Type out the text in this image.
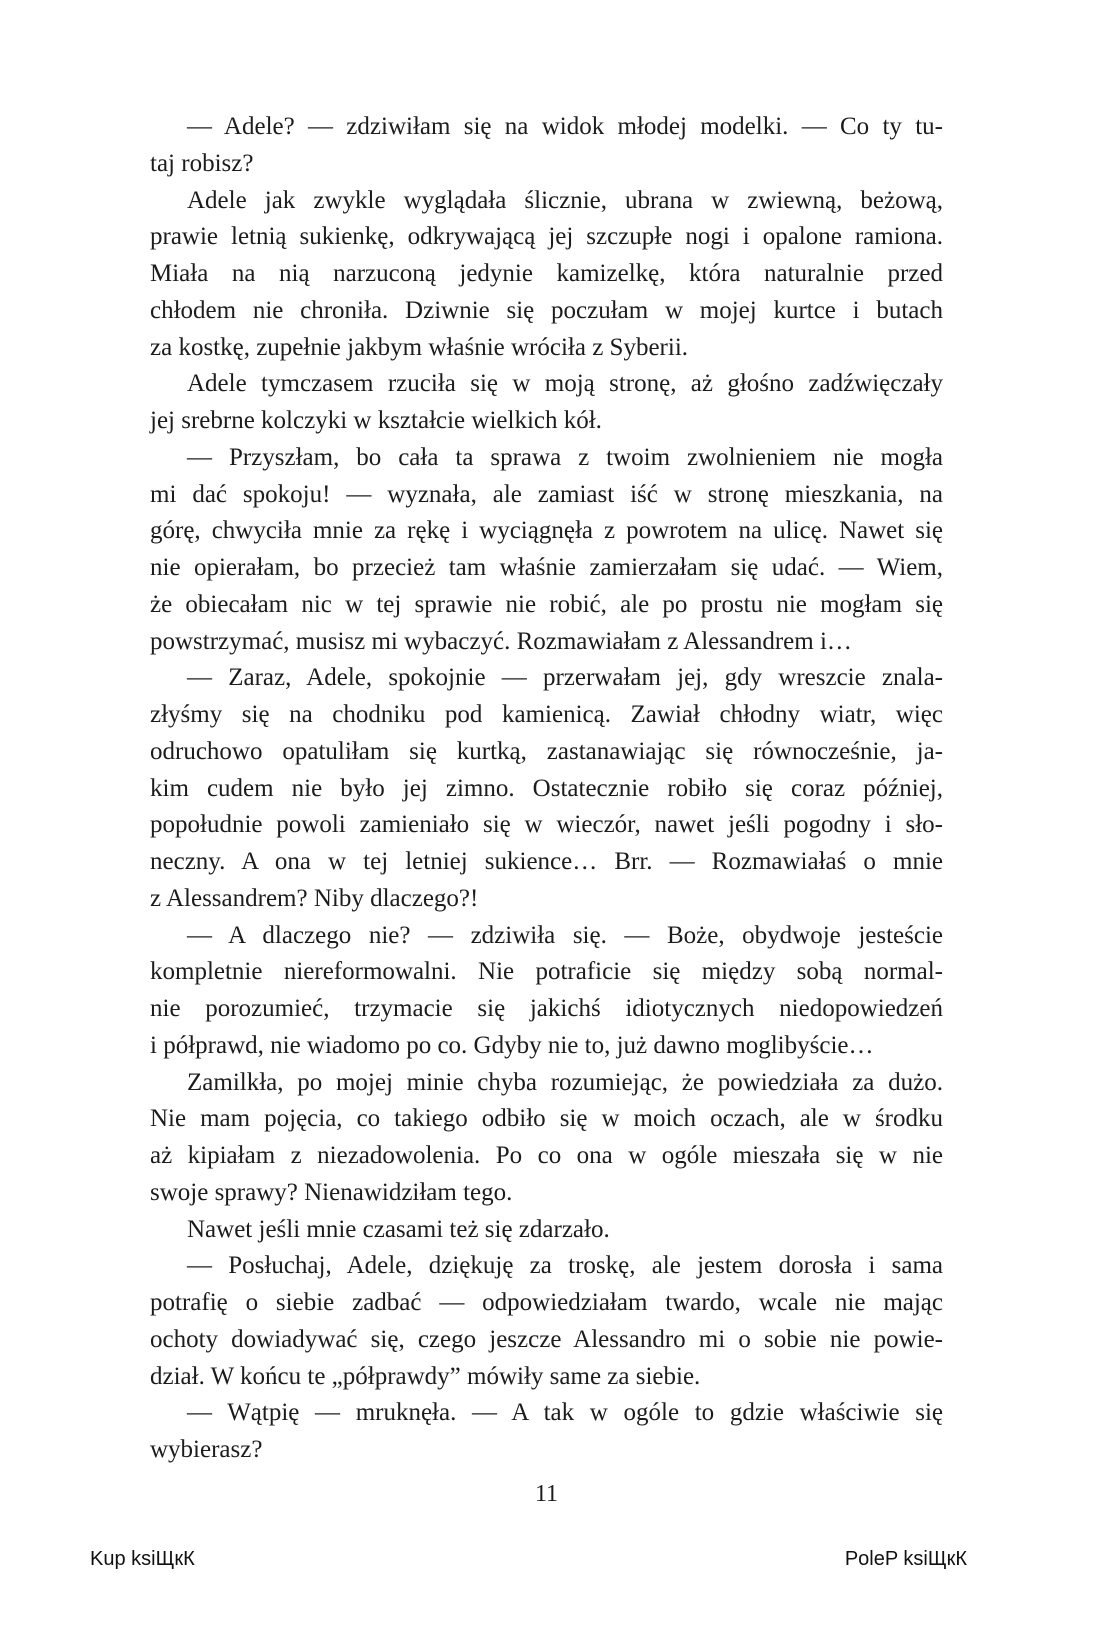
— Adele? — zdziwiłam się na widok młodej modelki. — Co ty tu-
taj robisz?
Adele jak zwykle wyglądała ślicznie, ubrana w zwiewną, beżową,
prawie letnią sukienkę, odkrywającą jej szczupłe nogi i opalone ramiona.
Miała na nią narzuconą jedynie kamizelkę, która naturalnie przed
chłodem nie chroniła. Dziwnie się poczułam w mojej kurtce i butach
za kostkę, zupełnie jakbym właśnie wróciła z Syberii.
Adele tymczasem rzuciła się w moją stronę, aż głośno zadźwięczały
jej srebrne kolczyki w kształcie wielkich kół.
— Przyszłam, bo cała ta sprawa z twoim zwolnieniem nie mogła
mi dać spokoju! — wyznała, ale zamiast iść w stronę mieszkania, na
górę, chwyciła mnie za rękę i wyciągnęła z powrotem na ulicę. Nawet się
nie opierałam, bo przecież tam właśnie zamierzałam się udać. — Wiem,
że obiecałam nic w tej sprawie nie robić, ale po prostu nie mogłam się
powstrzymać, musisz mi wybaczyć. Rozmawiałam z Alessandrem i…
— Zaraz, Adele, spokojnie — przerwałam jej, gdy wreszcie znala-
złyśmy się na chodniku pod kamienicą. Zawiał chłodny wiatr, więc
odruchowo opatuliłam się kurtką, zastanawiając się równocześnie, ja-
kim cudem nie było jej zimno. Ostatecznie robiło się coraz później,
popołudnie powoli zamieniało się w wieczór, nawet jeśli pogodny i sło-
neczny. A ona w tej letniej sukience… Brr. — Rozmawiałaś o mnie
z Alessandrem? Niby dlaczego?!
— A dlaczego nie? — zdziwiła się. — Boże, obydwoje jesteście
kompletnie niereformowalni. Nie potraficie się między sobą normal-
nie porozumieć, trzymacie się jakichś idiotycznych niedopowiedzeń
i półprawd, nie wiadomo po co. Gdyby nie to, już dawno moglibyście…
Zamilkła, po mojej minie chyba rozumiejąc, że powiedziała za dużo.
Nie mam pojęcia, co takiego odbiło się w moich oczach, ale w środku
aż kipiałam z niezadowolenia. Po co ona w ogóle mieszała się w nie
swoje sprawy? Nienawidziłam tego.
Nawet jeśli mnie czasami też się zdarzało.
— Posłuchaj, Adele, dziękuję za troskę, ale jestem dorosła i sama
potrafię o siebie zadbać — odpowiedziałam twardo, wcale nie mając
ochoty dowiadywać się, czego jeszcze Alessandro mi o sobie nie powie-
dział. W końcu te „półprawdy” mówiły same za siebie.
— Wątpię — mruknęła. — A tak w ogóle to gdzie właściwie się
wybierasz?
11
Kup ksiЩкК	PoleP ksiЩкК
